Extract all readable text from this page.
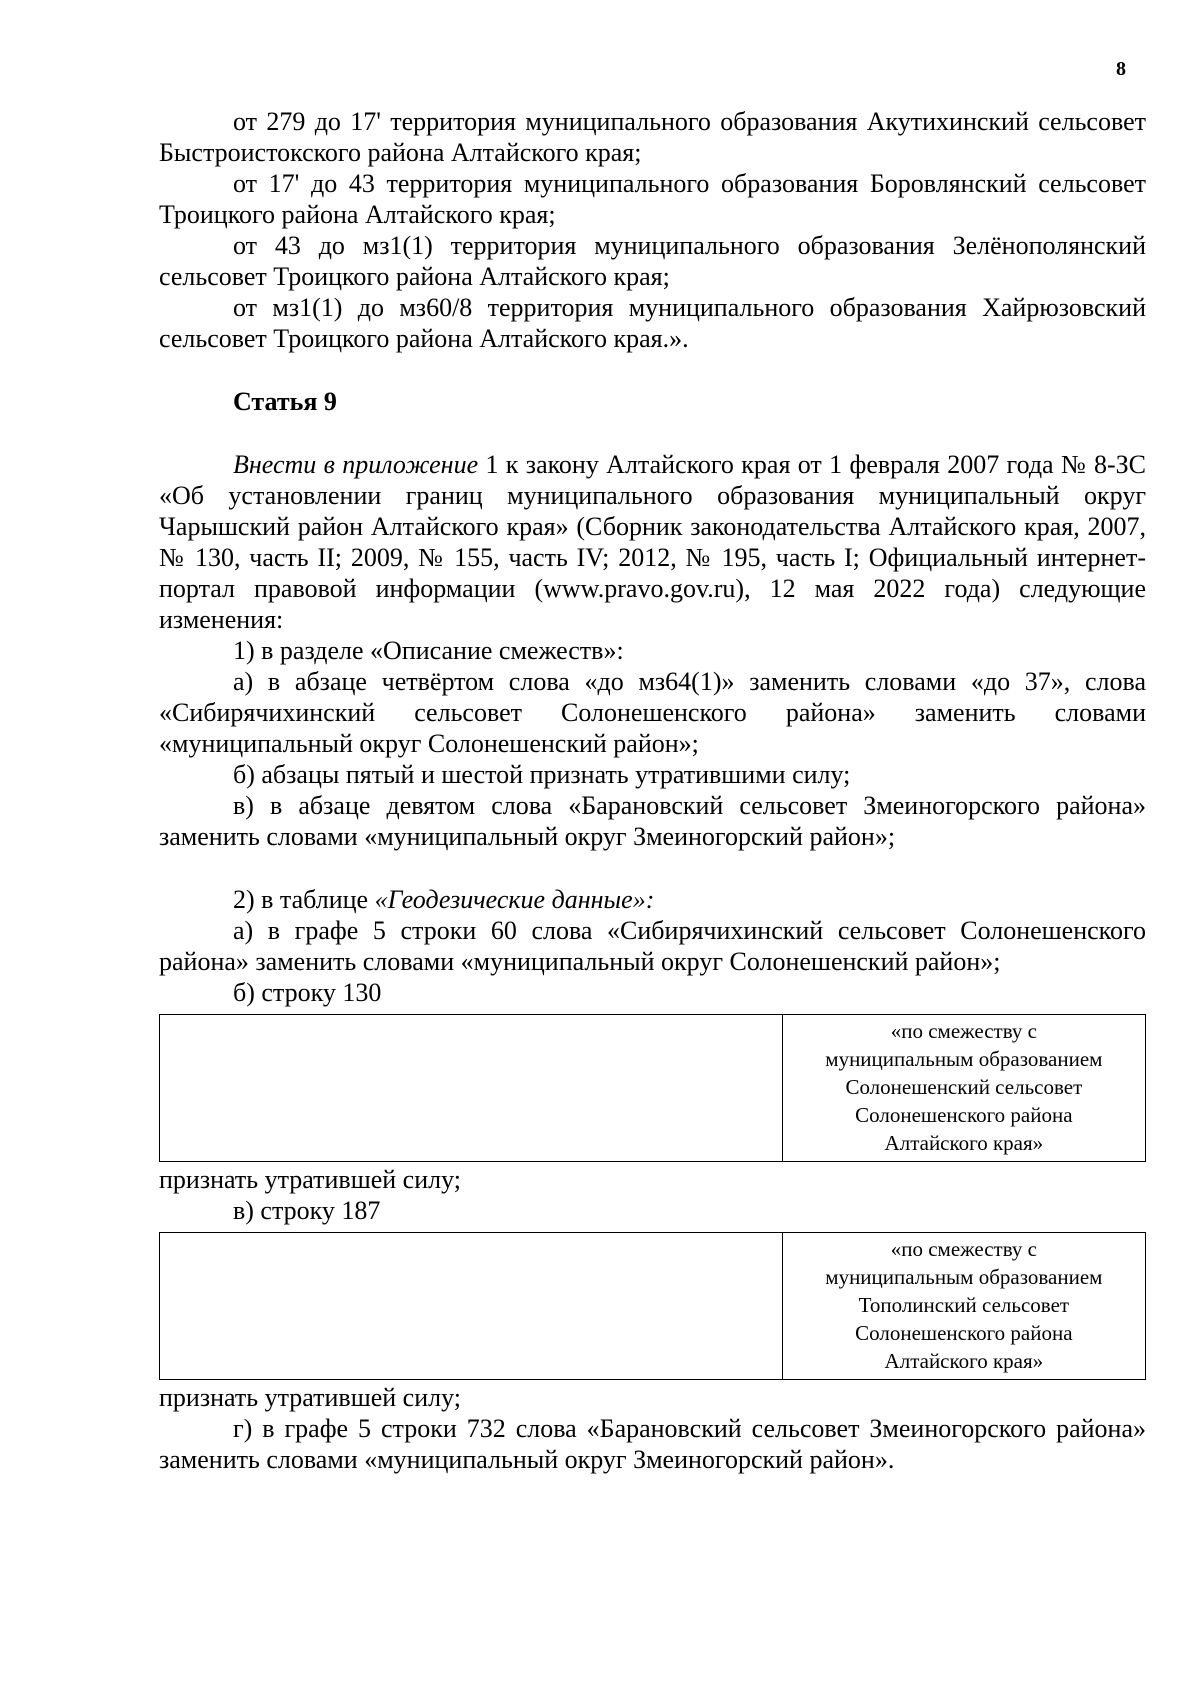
8

от 279 до 17' территория муниципального образования Акутихинский сельсовет Быстроистокского района Алтайского края;

от 17' до 43 территория муниципального образования Боровлянский сельсовет Троицкого района Алтайского края;

от 43 до мз1(1) территория муниципального образования Зелёнополянский сельсовет Троицкого района Алтайского края;

от мз1(1) до мз60/8 территория муниципального образования Хайрюзовский сельсовет Троицкого района Алтайского края.».

Статья 9

Внести в приложение 1 к закону Алтайского края от 1 февраля 2007 года № 8-ЗС «Об установлении границ муниципального образования муниципальный округ Чарышский район Алтайского края» (Сборник законодательства Алтайского края, 2007, № 130, часть II; 2009, № 155, часть IV; 2012, № 195, часть I; Официальный интернет-портал правовой информации (www.pravo.gov.ru), 12 мая 2022 года) следующие изменения:

1) в разделе «Описание смежеств»:

а) в абзаце четвёртом слова «до мз64(1)» заменить словами «до 37», слова «Сибирячихинский сельсовет Солонешенского района» заменить словами «муниципальный округ Солонешенский район»;

б) абзацы пятый и шестой признать утратившими силу;

в) в абзаце девятом слова «Барановский сельсовет Змеиногорского района» заменить словами «муниципальный округ Змеиногорский район»;

2) в таблице «Геодезические данные»:

а) в графе 5 строки 60 слова «Сибирячихинский сельсовет Солонешенского района» заменить словами «муниципальный округ Солонешенский район»;

б) строку 130

«по смежеству с
муниципальным образованием
Солонешенский сельсовет
Солонешенского района
Алтайского края»

признать утратившей силу;

в) строку 187

«по смежеству с
муниципальным образованием
Тополинский сельсовет
Солонешенского района
Алтайского края»

признать утратившей силу;

г) в графе 5 строки 732 слова «Барановский сельсовет Змеиногорского района» заменить словами «муниципальный округ Змеиногорский район».
